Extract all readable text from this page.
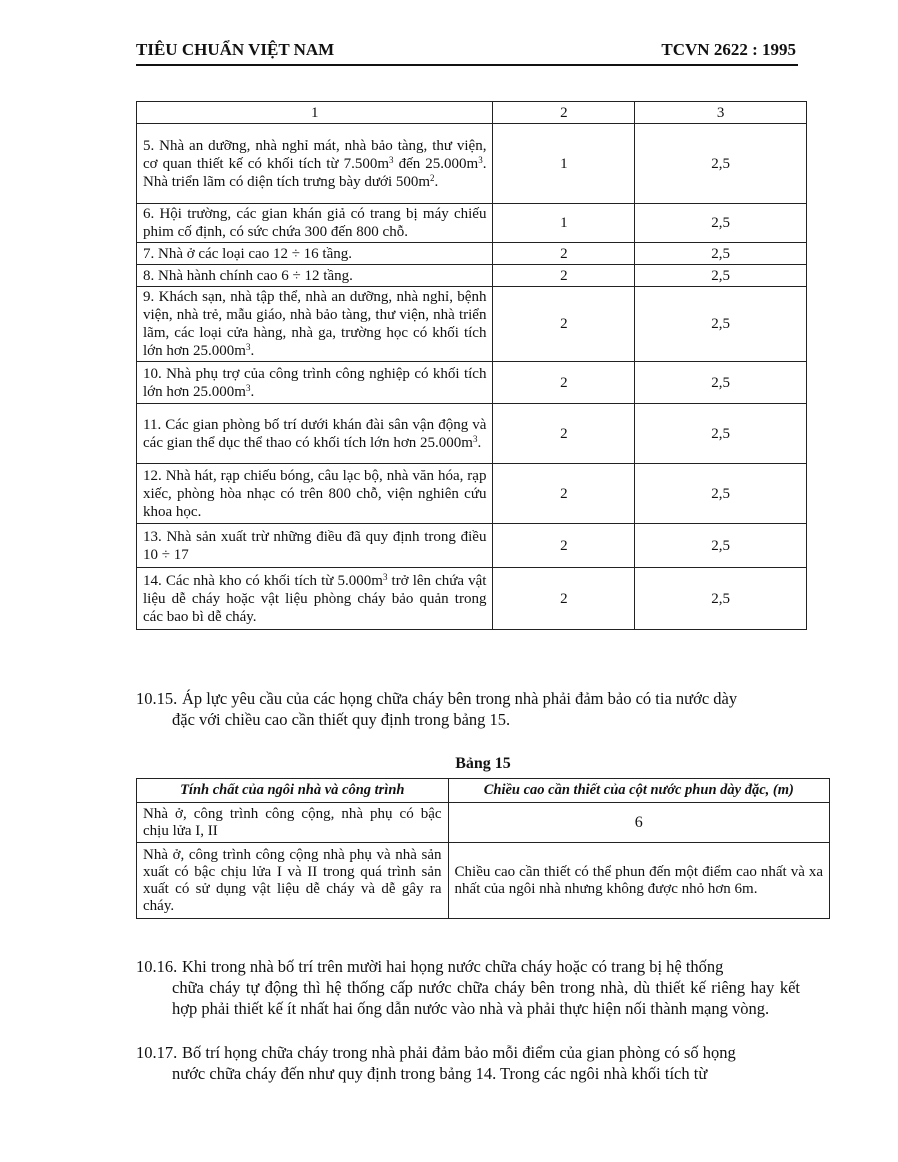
TIÊU CHUẨN VIỆT NAM	TCVN 2622 : 1995
1	2	3
5. Nhà an dưỡng, nhà nghỉ mát, nhà bảo tàng, thư viện, cơ quan thiết kế có khối tích từ $7.500m^3$ đến $25.000m^3$. Nhà triển lãm có diện tích trưng bày dưới $500m^2$.	1	2,5
6. Hội trường, các gian khán giả có trang bị máy chiếu phim cố định, có sức chứa 300 đến 800 chỗ.	1	2,5
7. Nhà ở các loại cao 12 ÷ 16 tầng.	2	2,5
8. Nhà hành chính cao 6 ÷ 12 tầng.	2	2,5
9. Khách sạn, nhà tập thể, nhà an dưỡng, nhà nghỉ, bệnh viện, nhà trẻ, mẫu giáo, nhà bảo tàng, thư viện, nhà triển lãm, các loại cửa hàng, nhà ga, trường học có khối tích lớn hơn $25.000m^3$.	2	2,5
10. Nhà phụ trợ của công trình công nghiệp có khối tích lớn hơn $25.000m^3$.	2	2,5
11. Các gian phòng bố trí dưới khán đài sân vận động và các gian thể dục thể thao có khối tích lớn hơn $25.000m^3$.	2	2,5
12. Nhà hát, rạp chiếu bóng, câu lạc bộ, nhà văn hóa, rạp xiếc, phòng hòa nhạc có trên 800 chỗ, viện nghiên cứu khoa học.	2	2,5
13. Nhà sản xuất trừ những điều đã quy định trong điều 10 ÷ 17	2	2,5
14. Các nhà kho có khối tích từ $5.000m^3$ trở lên chứa vật liệu dễ cháy hoặc vật liệu phòng cháy bảo quản trong các bao bì dễ cháy.	2	2,5
10.15. Áp lực yêu cầu của các họng chữa cháy bên trong nhà phải đảm bảo có tia nước dày
đặc với chiều cao cần thiết quy định trong bảng 15.
Bảng 15
Tính chất của ngôi nhà và công trình	Chiều cao cần thiết của cột nước phun dày đặc, (m)
Nhà ở, công trình công cộng, nhà phụ có bậc chịu lửa I, II	6
Nhà ở, công trình công cộng nhà phụ và nhà sản xuất có bậc chịu lửa I và II trong quá trình sản xuất có sử dụng vật liệu dễ cháy và dễ gây ra cháy.	Chiều cao cần thiết có thể phun đến một điểm cao nhất và xa nhất của ngôi nhà nhưng không được nhỏ hơn 6m.
10.16. Khi trong nhà bố trí trên mười hai họng nước chữa cháy hoặc có trang bị hệ thống
chữa cháy tự động thì hệ thống cấp nước chữa cháy bên trong nhà, dù thiết kế riêng hay kết hợp phải thiết kế ít nhất hai ống dẫn nước vào nhà và phải thực hiện nối thành mạng vòng.
10.17. Bố trí họng chữa cháy trong nhà phải đảm bảo mỗi điểm của gian phòng có số họng
nước chữa cháy đến như quy định trong bảng 14. Trong các ngôi nhà khối tích từ
